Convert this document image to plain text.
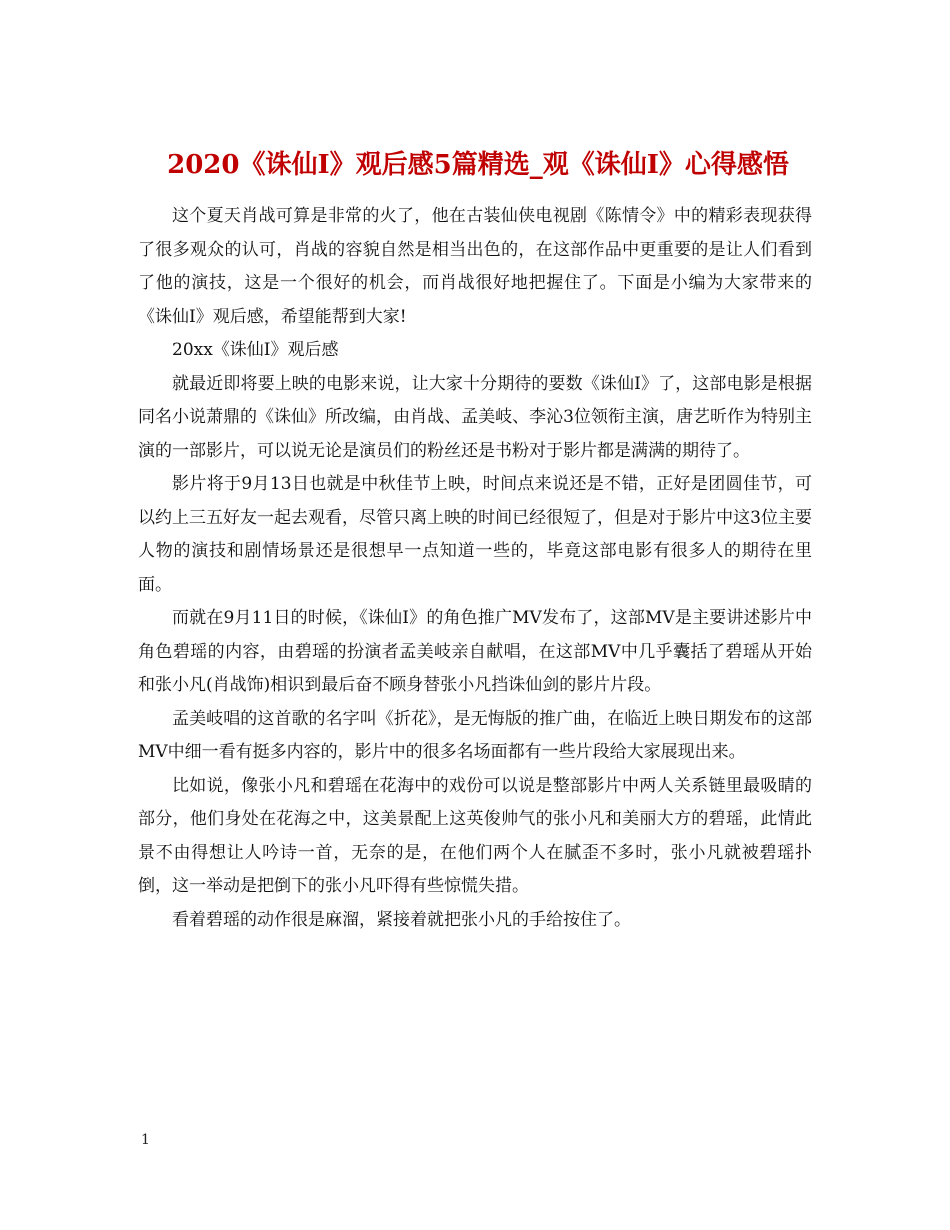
2020《诛仙Ⅰ》观后感5篇精选_观《诛仙Ⅰ》心得感悟

这个夏天肖战可算是非常的火了，他在古装仙侠电视剧《陈情令》中的精彩表现获得了很多观众的认可，肖战的容貌自然是相当出色的，在这部作品中更重要的是让人们看到了他的演技，这是一个很好的机会，而肖战很好地把握住了。下面是小编为大家带来的《诛仙Ⅰ》观后感，希望能帮到大家!

20xx《诛仙Ⅰ》观后感

就最近即将要上映的电影来说，让大家十分期待的要数《诛仙Ⅰ》了，这部电影是根据同名小说萧鼎的《诛仙》所改编，由肖战、孟美岐、李沁3位领衔主演，唐艺昕作为特别主演的一部影片，可以说无论是演员们的粉丝还是书粉对于影片都是满满的期待了。

影片将于9月13日也就是中秋佳节上映，时间点来说还是不错，正好是团圆佳节，可以约上三五好友一起去观看，尽管只离上映的时间已经很短了，但是对于影片中这3位主要人物的演技和剧情场景还是很想早一点知道一些的，毕竟这部电影有很多人的期待在里面。

而就在9月11日的时候，《诛仙Ⅰ》的角色推广MV发布了，这部MV是主要讲述影片中角色碧瑶的内容，由碧瑶的扮演者孟美岐亲自献唱，在这部MV中几乎囊括了碧瑶从开始和张小凡(肖战饰)相识到最后奋不顾身替张小凡挡诛仙剑的影片片段。

孟美岐唱的这首歌的名字叫《折花》，是无悔版的推广曲，在临近上映日期发布的这部MV中细一看有挺多内容的，影片中的很多名场面都有一些片段给大家展现出来。

比如说，像张小凡和碧瑶在花海中的戏份可以说是整部影片中两人关系链里最吸睛的部分，他们身处在花海之中，这美景配上这英俊帅气的张小凡和美丽大方的碧瑶，此情此景不由得想让人吟诗一首，无奈的是，在他们两个人在腻歪不多时，张小凡就被碧瑶扑倒，这一举动是把倒下的张小凡吓得有些惊慌失措。

看着碧瑶的动作很是麻溜，紧接着就把张小凡的手给按住了。

1
